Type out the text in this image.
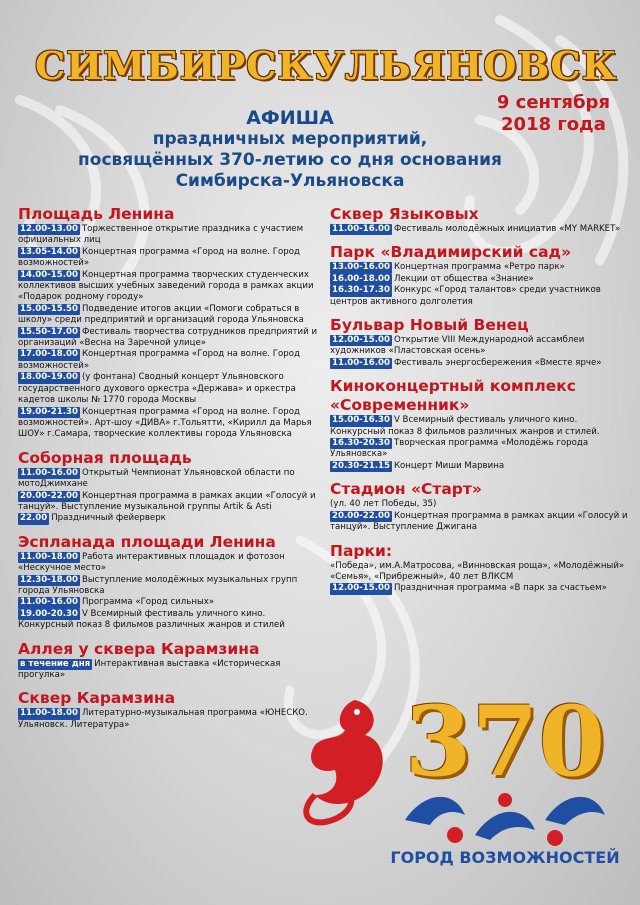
СИМБИРСК УЛЬЯНОВСК
9 сентября
2018 года
АФИША
праздничных мероприятий,
посвящённых 370-летию со дня основания
Симбирска-Ульяновска
Площадь Ленина
12.00-13.00 Торжественное открытие праздника с участием официальных лиц
13.05-14.00 Концертная программа «Город на волне. Город возможностей»
14.00-15.00 Концертная программа творческих студенческих коллективов высших учебных заведений города в рамках акции «Подарок родному городу»
15.00-15.50 Подведение итогов акции «Помоги собраться в школу» среди предприятий и организаций города Ульяновска
15.50-17.00 Фестиваль творчества сотрудников предприятий и организаций «Весна на Заречной улице»
17.00-18.00 Концертная программа «Город на волне. Город возможностей»
18.00-19.00 (у фонтана) Сводный концерт Ульяновского государственного духового оркестра «Держава» и оркестра кадетов школы № 1770 города Москвы
19.00-21.30 Концертная программа «Город на волне. Город возможностей». Арт-шоу «ДИВА» г.Тольятти, «Кирилл да Марья ШОУ» г.Самара, творческие коллективы города Ульяновска
Соборная площадь
11.00-16.00 Открытый Чемпионат Ульяновской области по мотоДжимхане
20.00-22.00 Концертная программа в рамках акции «Голосуй и танцуй». Выступление музыкальной группы Artik & Asti
22.00 Праздничный фейерверк
Эспланада площади Ленина
11.00-18.00 Работа интерактивных площадок и фотозон «Нескучное место»
12.30-18.00 Выступление молодёжных музыкальных групп города Ульяновска
11.00-16.00 Программа «Город сильных»
19.00-20.30 V Всемирный фестиваль уличного кино. Конкурсный показ 8 фильмов различных жанров и стилей
Аллея у сквера Карамзина
в течение дня Интерактивная выставка «Историческая прогулка»
Сквер Карамзина
11.00-18.00 Литературно-музыкальная программа «ЮНЕСКО. Ульяновск. Литература»
Сквер Языковых
11.00-16.00 Фестиваль молодёжных инициатив «MY MARKET»
Парк «Владимирский сад»
13.00-16.00 Концертная программа «Ретро парк»
16.00-18.00 Лекции от общества «Знание»
16.30-17.30 Конкурс «Город талантов» среди участников центров активного долголетия
Бульвар Новый Венец
12.00-15.00 Открытие VIII Международной ассамблеи художников «Пластовская осень»
11.00-16.00 Фестиваль энергосбережения «Вместе ярче»
Киноконцертный комплекс «Современник»
15.00-16.30 V Всемирный фестиваль уличного кино. Конкурсный показ 8 фильмов различных жанров и стилей.
16.30-20.30 Творческая программа «Молодёжь города Ульяновска»
20.30-21.15 Концерт Миши Марвина
Стадион «Старт»
(ул. 40 лет Победы, 35)
20.00-22.00 Концертная программа в рамках акции «Голосуй и танцуй». Выступление Джигана
Парки:
«Победа», им.А.Матросова, «Винновская роща», «Молодёжный» «Семья», «Прибрежный», 40 лет ВЛКСМ
12.00-15.00 Праздничная программа «В парк за счастьем»
370
ГОРОД ВОЗМОЖНОСТЕЙ
